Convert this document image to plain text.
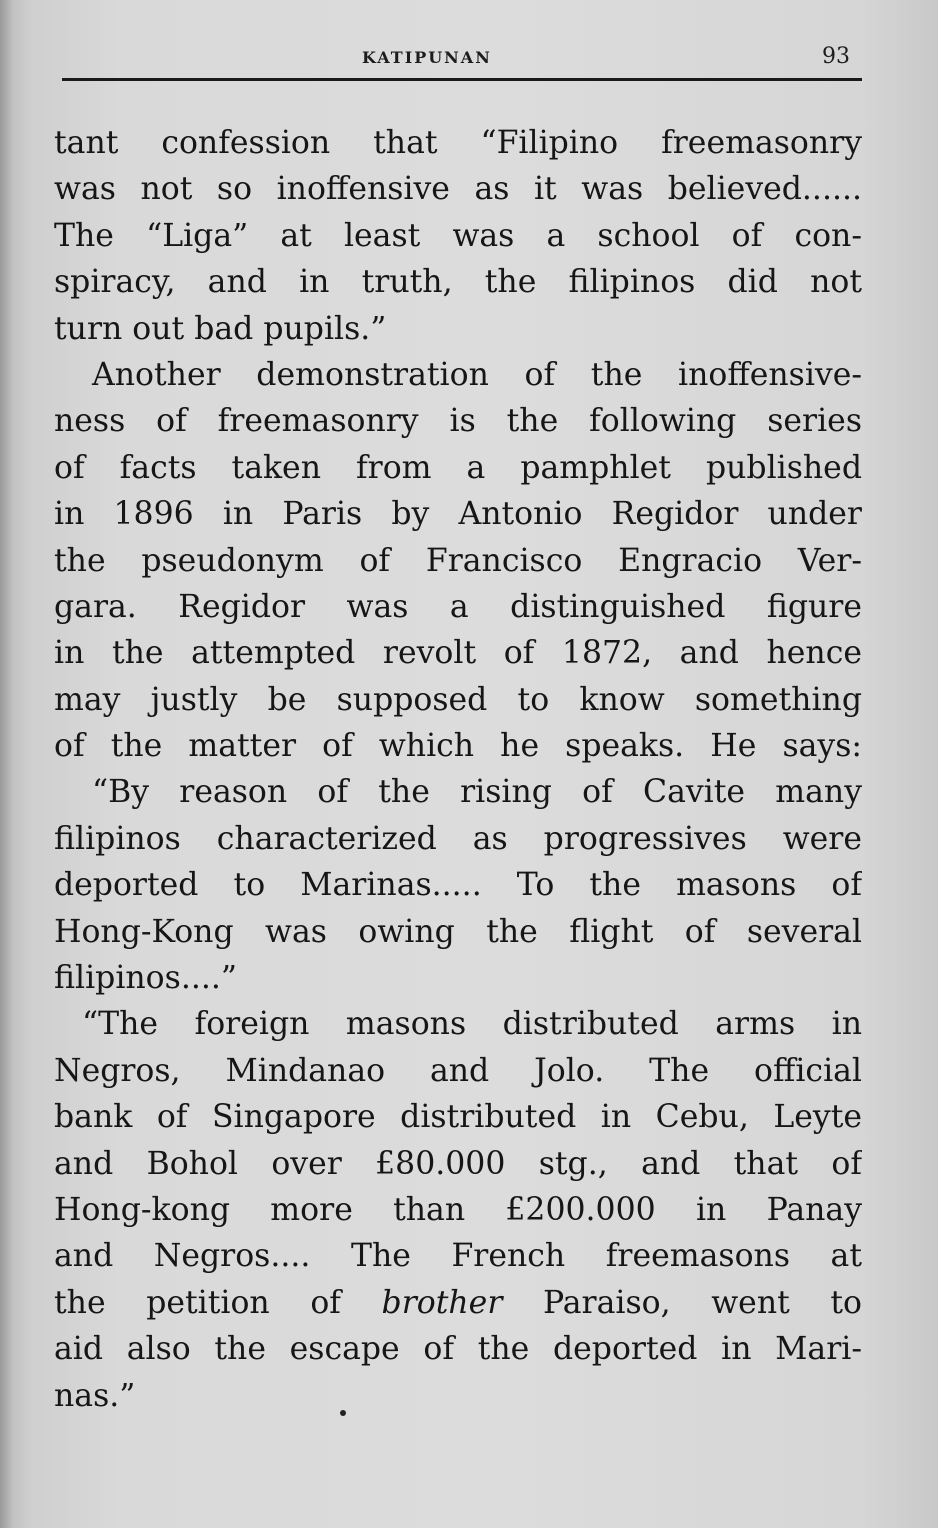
KATIPUNAN	93
tant confession that “Filipino freemasonry
was not so inoffensive as it was believed......
The “Liga” at least was a school of con-
spiracy, and in truth, the filipinos did not
turn out bad pupils.”
Another demonstration of the inoffensive-
ness of freemasonry is the following series
of facts taken from a pamphlet published
in 1896 in Paris by Antonio Regidor under
the pseudonym of Francisco Engracio Ver-
gara. Regidor was a distinguished figure
in the attempted revolt of 1872, and hence
may justly be supposed to know something
of the matter of which he speaks. He says:
“By reason of the rising of Cavite many
filipinos characterized as progressives were
deported to Marinas..... To the masons of
Hong-Kong was owing the flight of several
filipinos....”
“The foreign masons distributed arms in
Negros, Mindanao and Jolo. The official
bank of Singapore distributed in Cebu, Leyte
and Bohol over £80.000 stg., and that of
Hong-kong more than £200.000 in Panay
and Negros.... The French freemasons at
the petition of brother Paraiso, went to
aid also the escape of the deported in Mari-
nas.”
